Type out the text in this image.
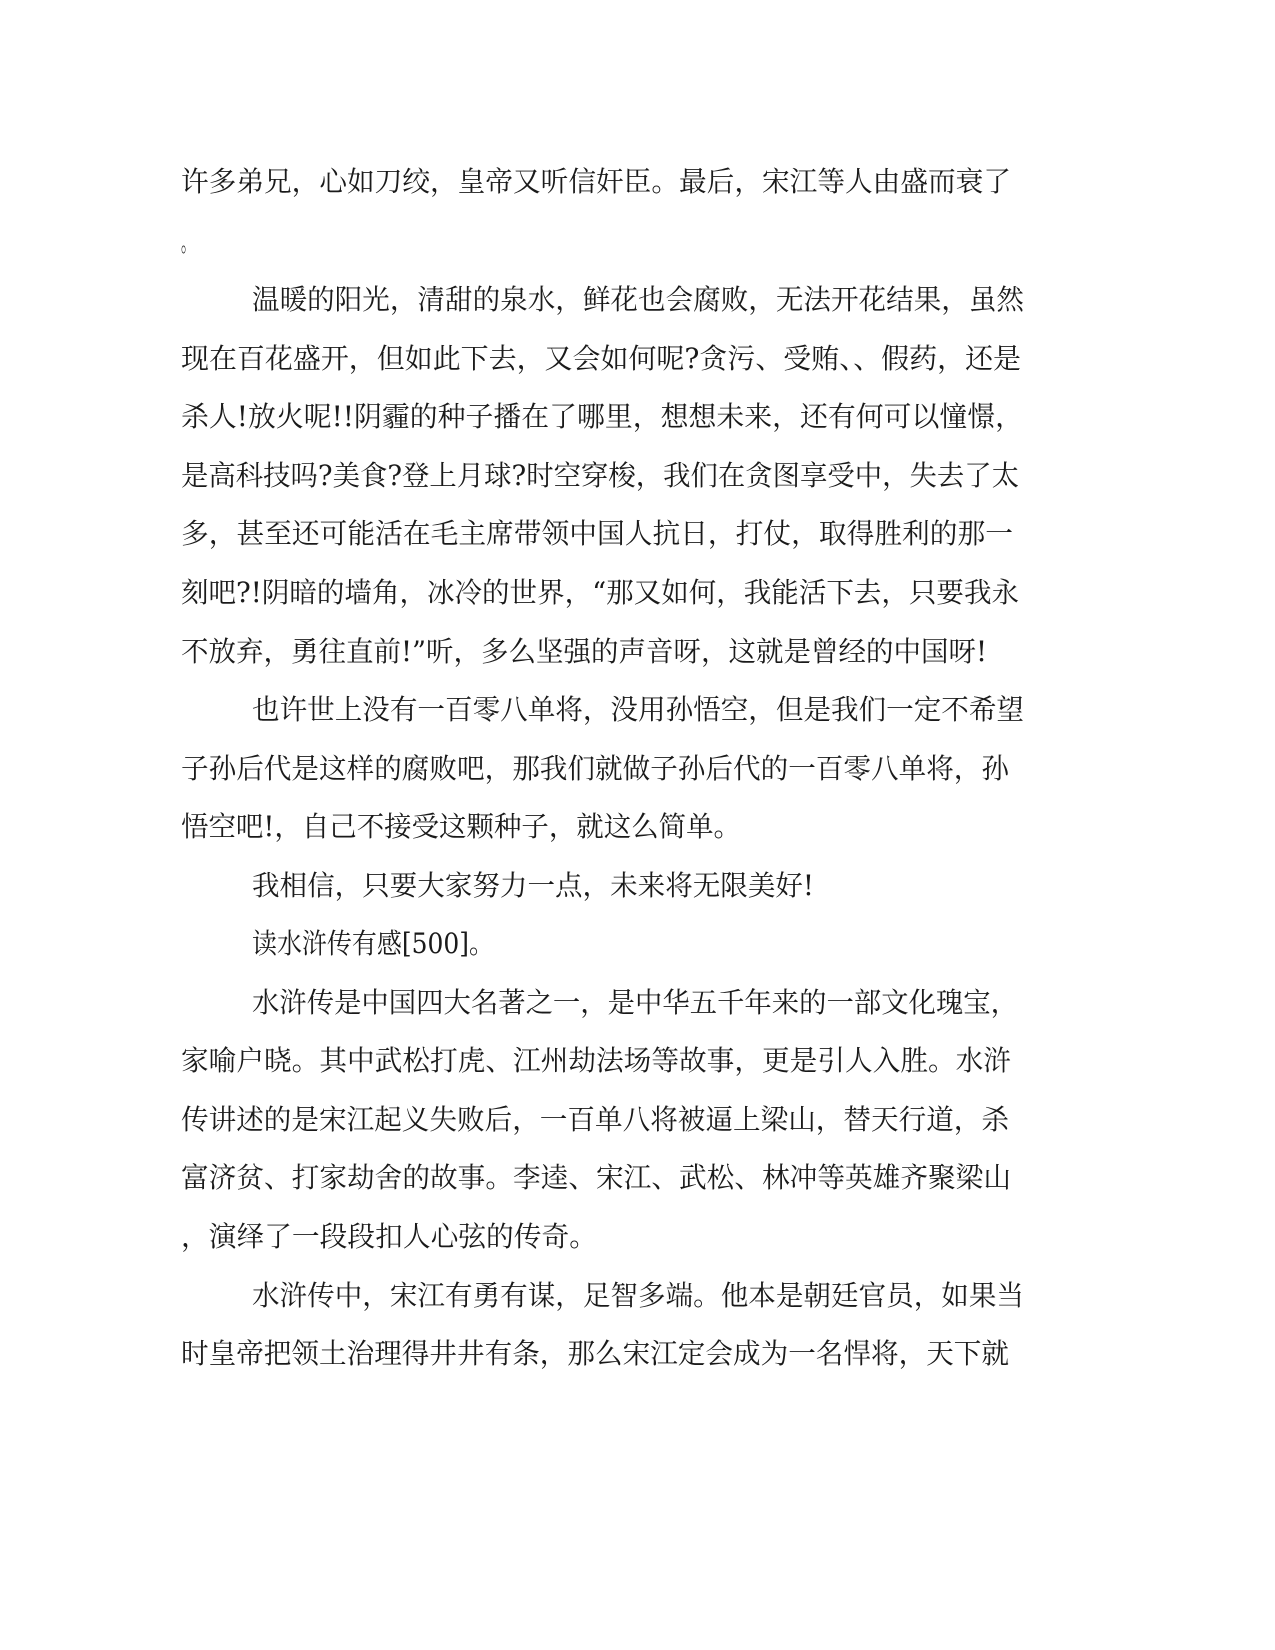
许多弟兄，心如刀绞，皇帝又听信奸臣。最后，宋江等人由盛而衰了
。
温暖的阳光，清甜的泉水，鲜花也会腐败，无法开花结果，虽然
现在百花盛开，但如此下去，又会如何呢?贪污、受贿、、假药，还是
杀人!放火呢!!阴霾的种子播在了哪里，想想未来，还有何可以憧憬，
是高科技吗?美食?登上月球?时空穿梭，我们在贪图享受中，失去了太
多，甚至还可能活在毛主席带领中国人抗日，打仗，取得胜利的那一
刻吧?!阴暗的墙角，冰冷的世界，“那又如何，我能活下去，只要我永
不放弃，勇往直前!”听，多么坚强的声音呀，这就是曾经的中国呀!
也许世上没有一百零八单将，没用孙悟空，但是我们一定不希望
子孙后代是这样的腐败吧，那我们就做子孙后代的一百零八单将，孙
悟空吧!，自己不接受这颗种子，就这么简单。
我相信，只要大家努力一点，未来将无限美好!
读水浒传有感[500]。
水浒传是中国四大名著之一，是中华五千年来的一部文化瑰宝，
家喻户晓。其中武松打虎、江州劫法场等故事，更是引人入胜。水浒
传讲述的是宋江起义失败后，一百单八将被逼上梁山，替天行道，杀
富济贫、打家劫舍的故事。李逵、宋江、武松、林冲等英雄齐聚梁山
，演绎了一段段扣人心弦的传奇。
水浒传中，宋江有勇有谋，足智多端。他本是朝廷官员，如果当
时皇帝把领土治理得井井有条，那么宋江定会成为一名悍将，天下就
